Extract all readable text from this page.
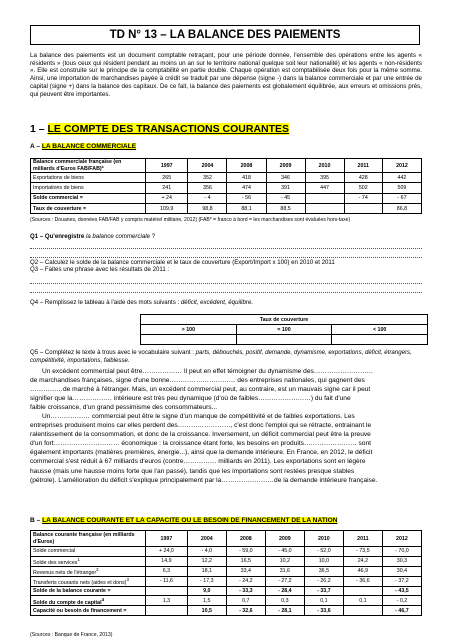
TD N° 13 – LA BALANCE DES PAIEMENTS
La balance des paiements est un document comptable retraçant, pour une période donnée, l'ensemble des opérations entre les agents « résidents » (tous ceux qui résident pendant au moins un an sur le territoire national quelque soit leur nationalité) et les agents « non-résidents ». Elle est construite sur le principe de la comptabilité en partie double. Chaque opération est comptabilisée deux fois pour la même somme. Ainsi, une importation de marchandises payée à crédit se traduit par une dépense (signe -) dans la balance commerciale et par une entrée de capital (signe +) dans la balance des capitaux. De ce fait, la balance des paiements est globalement équilibrée, aux erreurs et omissions près, qui peuvent être importantes.
1 – LE COMPTE DES TRANSACTIONS COURANTES
A – LA BALANCE COMMERCIALE
Balance commerciale française (en milliards d'Euros FAB/FAB)*	1997	2004	2008	2009	2010	2011	2012
Exportations de biens	265	352	418	346	395	428	442
Importations de biens	241	356	474	391	447	502	509
Solde commercial =	+ 24	- 4	- 56	- 45		- 74	- 67
Taux de couverture =	109,9	98,8	88,1	88,5			86,8
(Sources : Douanes, données FAB/FAB y compris matériel militaire, 2012) (FAB* = franco à bord = les marchandises sont évaluées hors-taxe)
Q1 – Qu'enregistre la balance commerciale ?
Q2 – Calculez le solde de la balance commerciale et le taux de couverture (Export/Import x 100) en 2010 et 2011
Q3 – Faites une phrase avec les résultats de 2011 :
Q4 – Remplissez le tableau à l'aide des mots suivants : déficit, excédent, équilibre.
Taux de couverture		
> 100	= 100	< 100

Q5 – Complétez le texte à trous avec le vocabulaire suivant : parts, débouchés, positif, demande, dynamisme, exportations, déficit, étrangers, compétitivité, importations, faiblesse.
Un excédent commercial peut être……………… Il peut en effet témoigner du dynamisme des………………………
de marchandises françaises, signe d'une bonne………………………… des entreprises nationales, qui gagnent des
……………de marché à l'étranger. Mais, un excédent commercial peut, au contraire, est un mauvais signe car il peut
signifier que la……………… intérieure est très peu dynamique (d'où de faibles……………………) du fait d'une
faible croissance, d'un grand pessimisme des consommateurs...
Un……………… commercial peut être le signe d'un manque de compétitivité et de faibles exportations. Les
entreprises produisent moins car elles perdent des……………………, c'est donc l'emploi qui se rétracte, entrainant le
ralentissement de la consommation, et donc de la croissance. Inversement, un déficit commercial peut être la preuve
d'un fort………………………… économique : la croissance étant forte, les besoins en produits…………………… sont
également importants (matières premières, énergie...), ainsi que la demande intérieure. En France, en 2012, le déficit
commercial s'est réduit à 67 milliards d'euros (contre…………… milliards en 2011). Les exportations sont en légère
hausse (mais une hausse moins forte que l'an passé), tandis que les importations sont restées presque stables
(pétrole). L'amélioration du déficit s'explique principalement par la……………………de la demande intérieure française.
B – LA BALANCE COURANTE ET LA CAPACITE OU LE BESOIN DE FINANCEMENT DE LA NATION
Balance courante française (en milliards d'Euros)	1997	2004	2008	2009	2010	2011	2012
Solde commercial	+ 24,0	- 4,0	- 59,0	- 45,0	- 52,0	- 73,5	- 70,0
Solde des services$^1$	14,9	12,2	16,5	10,2	10,0	24,2	30,3
Revenus nets de l'étranger$^2$	6,3	18,1	33,4	31,6	36,5	46,9	30,4
Transferts courants nets (aides et dons)$^3$	- 11,6	- 17,3	- 24,2	- 27,2	- 26,2	- 36,6	- 37,2
Solde de la balance courante =		9,0	- 33,3	- 28,4	- 33,7		- 43,5
Solde du compte de capital$^4$	1,3	1,5	0,7	0,3	0,1	0,1	- 0,2
Capacité ou besoin de financement =		10,5	- 32,6	- 28,1	- 33,6		- 46,7
(Sources : Banque de France, 2013)
